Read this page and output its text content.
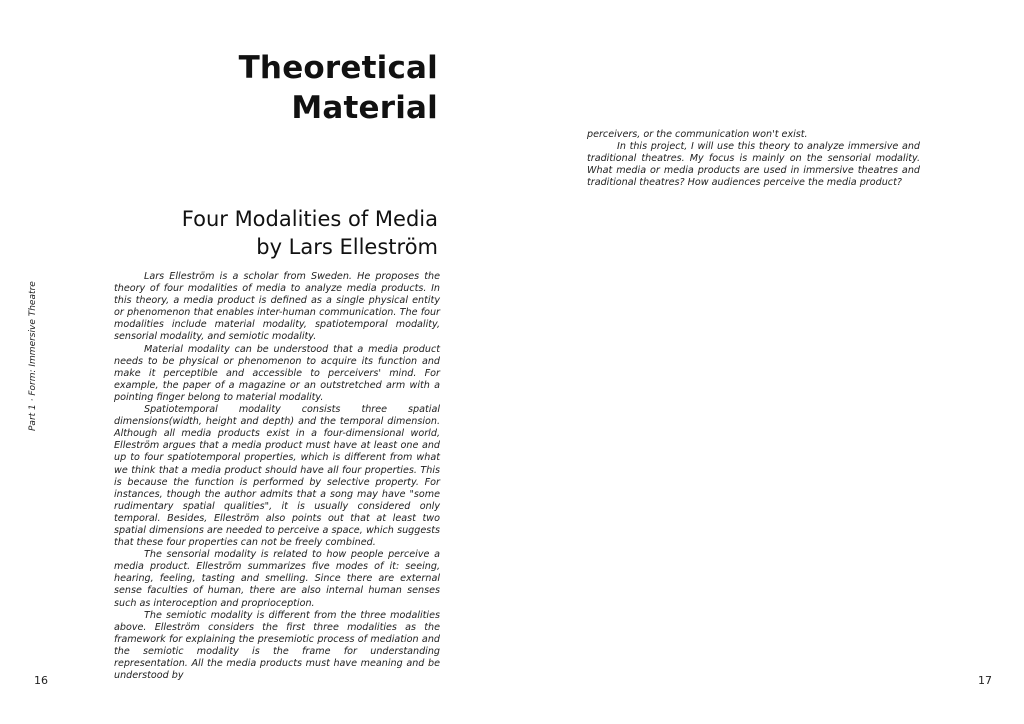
Theoretical
Material
Four Modalities of Media
by Lars Elleström
Part 1 · Form: Immersive Theatre

Lars Elleström is a scholar from Sweden. He proposes the theory of four modalities of media to analyze media products. In this theory, a media product is defined as a single physical entity or phenomenon that enables inter-human communication. The four modalities include material modality, spatiotemporal modality, sensorial modality, and semiotic modality.

Material modality can be understood that a media product needs to be physical or phenomenon to acquire its function and make it perceptible and accessible to perceivers' mind. For example, the paper of a magazine or an outstretched arm with a pointing finger belong to material modality.

Spatiotemporal modality consists three spatial dimensions(width, height and depth) and the temporal dimension. Although all media products exist in a four-dimensional world, Elleström argues that a media product must have at least one and up to four spatiotemporal properties, which is different from what we think that a media product should have all four properties. This is because the function is performed by selective property. For instances, though the author admits that a song may have "some rudimentary spatial qualities", it is usually considered only temporal. Besides, Elleström also points out that at least two spatial dimensions are needed to perceive a space, which suggests that these four properties can not be freely combined.

The sensorial modality is related to how people perceive a media product. Elleström summarizes five modes of it: seeing, hearing, feeling, tasting and smelling. Since there are external sense faculties of human, there are also internal human senses such as interoception and proprioception.

The semiotic modality is different from the three modalities above. Elleström considers the first three modalities as the framework for explaining the presemiotic process of mediation and the semiotic modality is the frame for understanding representation. All the media products must have meaning and be understood by

perceivers, or the communication won't exist.

In this project, I will use this theory to analyze immersive and traditional theatres. My focus is mainly on the sensorial modality. What media or media products are used in immersive theatres and traditional theatres? How audiences perceive the media product?

16	17
